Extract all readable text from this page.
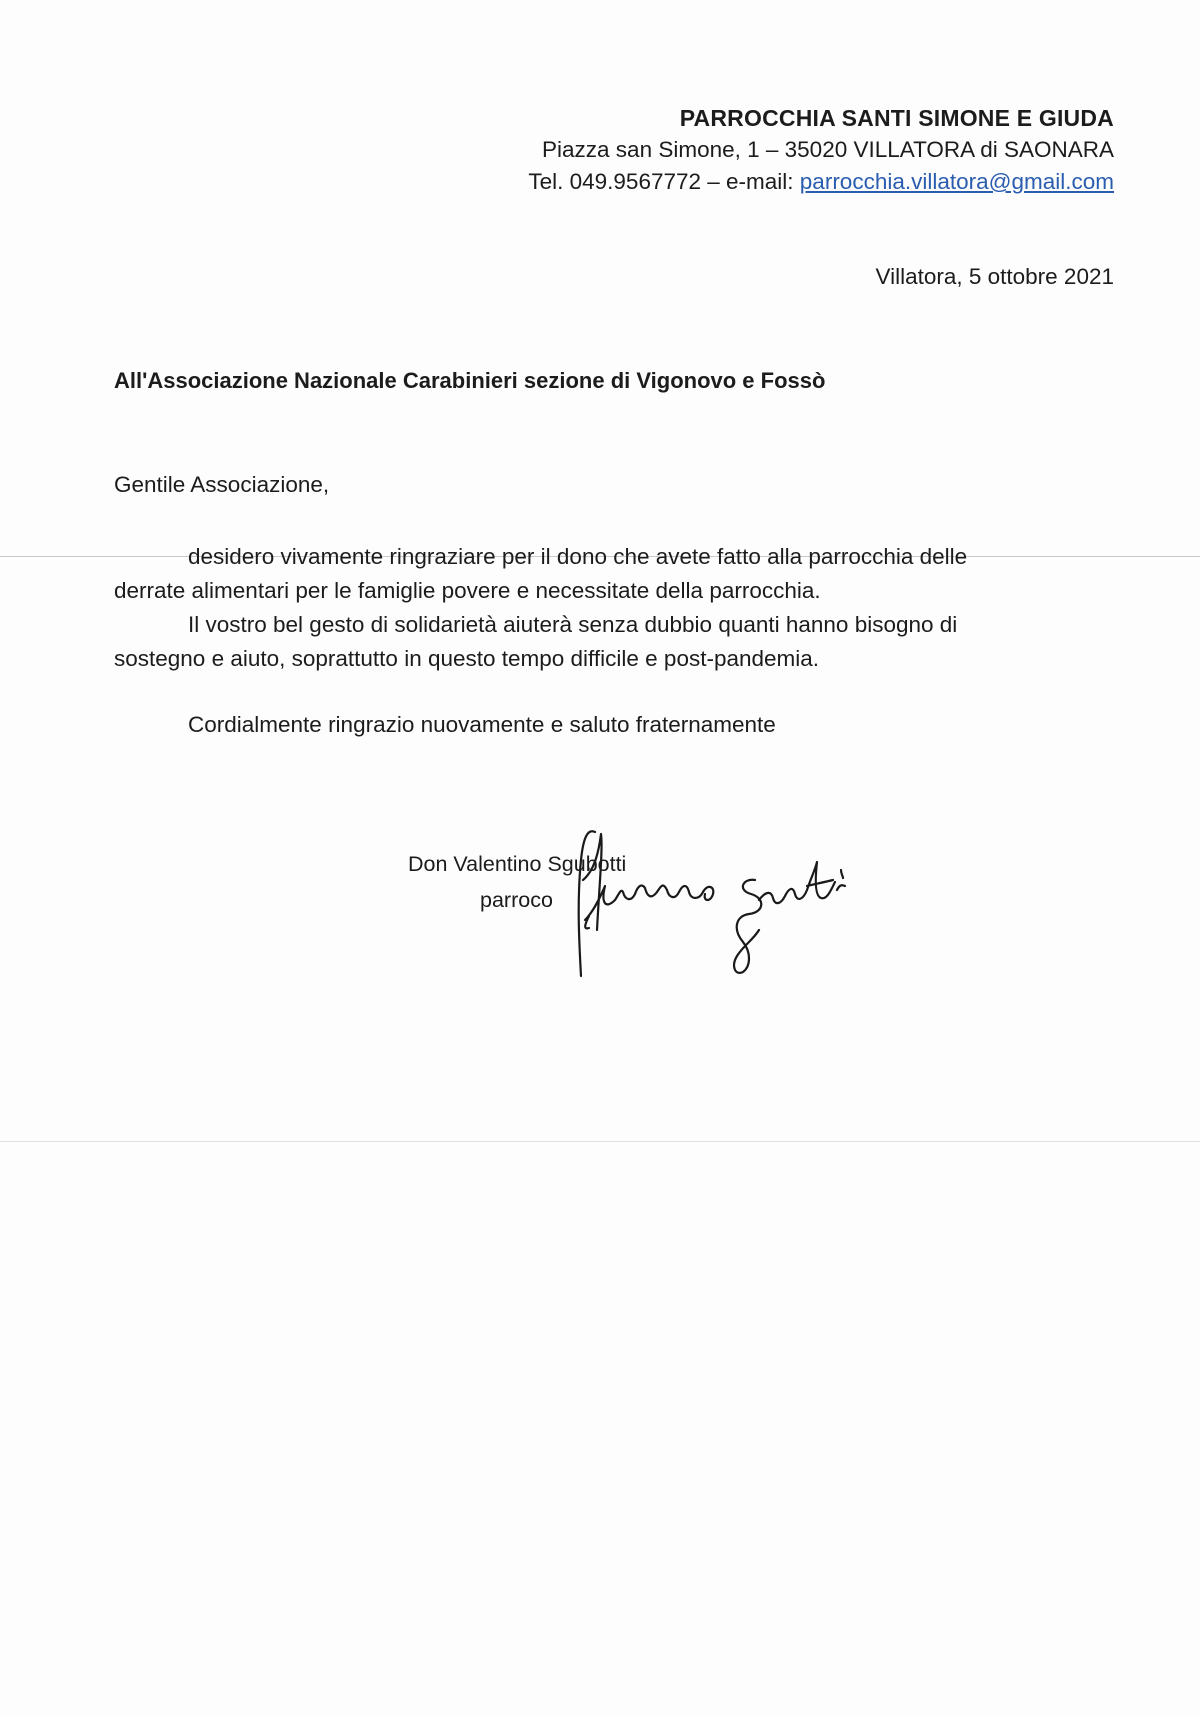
PARROCCHIA SANTI SIMONE E GIUDA
Piazza san Simone, 1 – 35020 VILLATORA di SAONARA
Tel. 049.9567772 – e-mail: parrocchia.villatora@gmail.com
Villatora, 5 ottobre 2021
All'Associazione Nazionale Carabinieri sezione di Vigonovo e Fossò
Gentile Associazione,

desidero vivamente ringraziare per il dono che avete fatto alla parrocchia delle derrate alimentari per le famiglie povere e necessitate della parrocchia.

Il vostro bel gesto di solidarietà aiuterà senza dubbio quanti hanno bisogno di sostegno e aiuto, soprattutto in questo tempo difficile e post-pandemia.

Cordialmente ringrazio nuovamente e saluto fraternamente
Don Valentino Sgubotti
parroco
